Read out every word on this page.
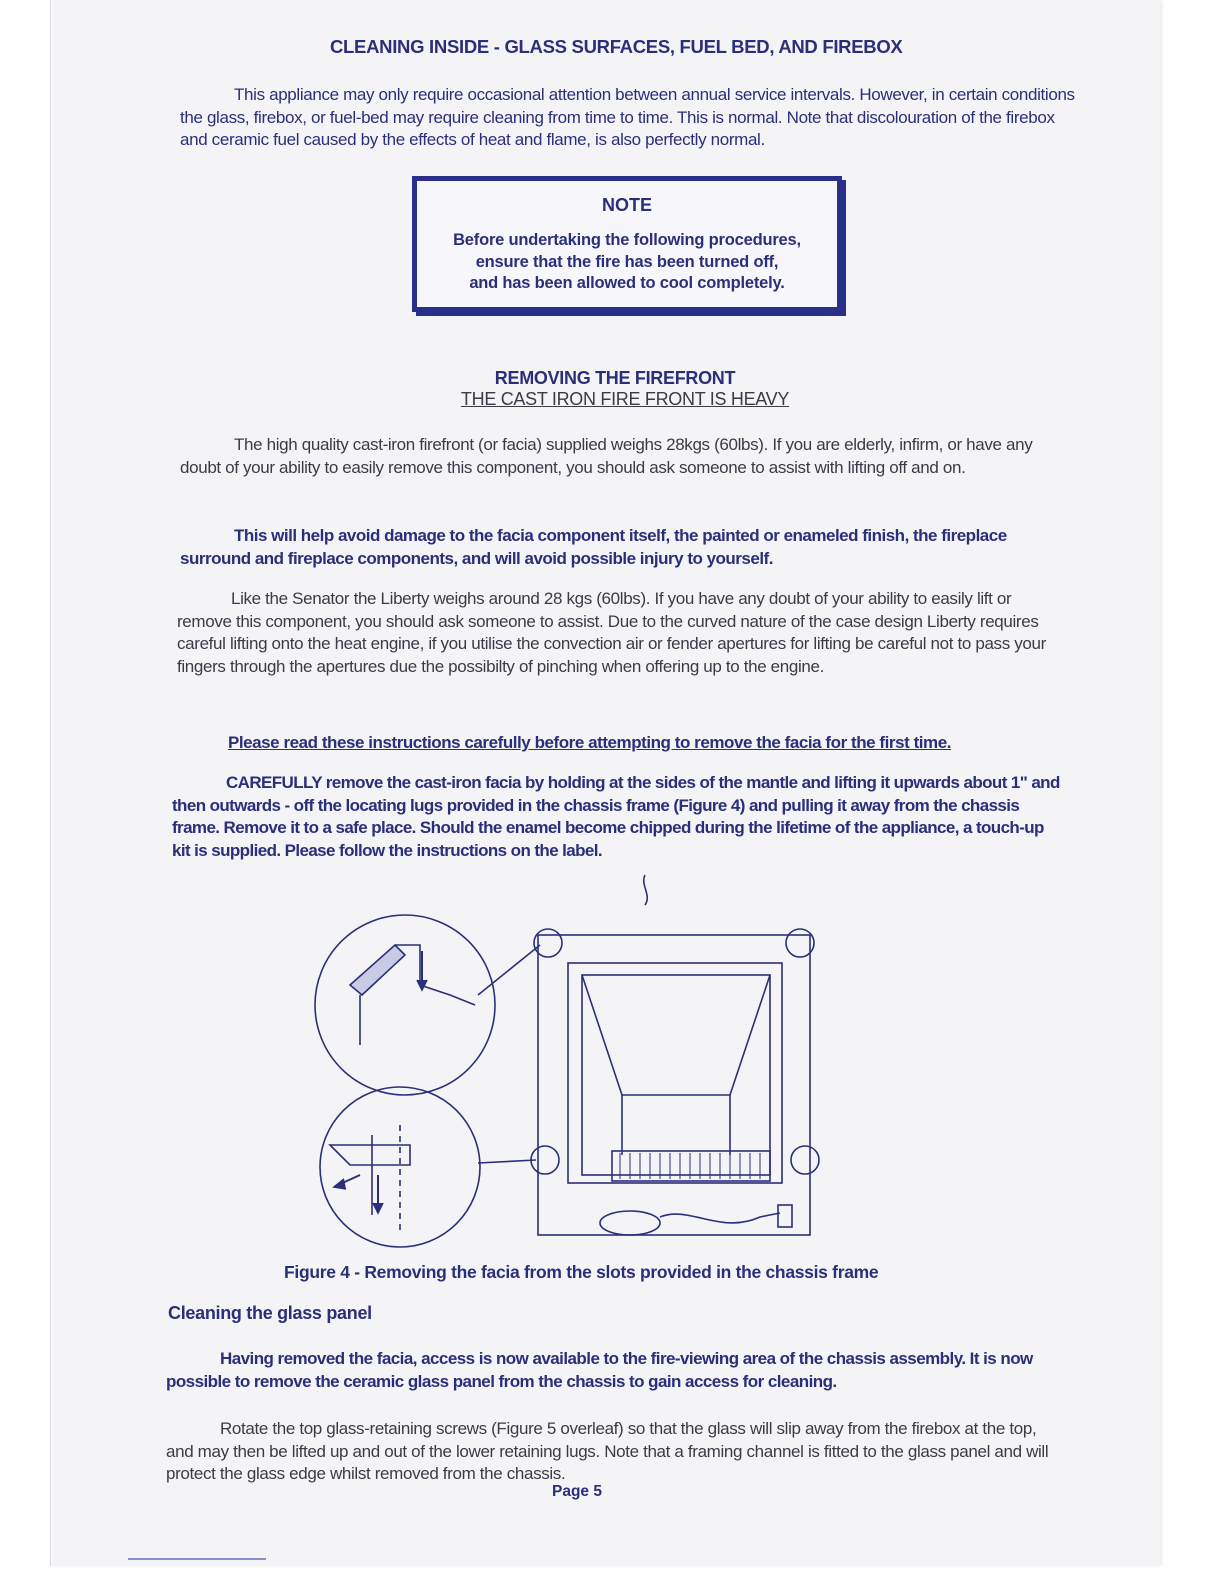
CLEANING INSIDE - GLASS SURFACES, FUEL BED, AND FIREBOX

This appliance may only require occasional attention between annual service intervals. However, in certain conditions the glass, firebox, or fuel-bed may require cleaning from time to time. This is normal. Note that discolouration of the firebox and ceramic fuel caused by the effects of heat and flame, is also perfectly normal.

NOTE
Before undertaking the following procedures,
ensure that the fire has been turned off,
and has been allowed to cool completely.
REMOVING THE FIREFRONT
THE CAST IRON FIRE FRONT IS HEAVY

The high quality cast-iron firefront (or facia) supplied weighs 28kgs (60lbs). If you are elderly, infirm, or have any doubt of your ability to easily remove this component, you should ask someone to assist with lifting off and on.

This will help avoid damage to the facia component itself, the painted or enameled finish, the fireplace surround and fireplace components, and will avoid possible injury to yourself.

Like the Senator the Liberty weighs around 28 kgs (60lbs). If you have any doubt of your ability to easily lift or remove this component, you should ask someone to assist. Due to the curved nature of the case design Liberty requires careful lifting onto the heat engine, if you utilise the convection air or fender apertures for lifting be careful not to pass your fingers through the apertures due the possibilty of pinching when offering up to the engine.

Please read these instructions carefully before attempting to remove the facia for the first time.

CAREFULLY remove the cast-iron facia by holding at the sides of the mantle and lifting it upwards about 1" and then outwards - off the locating lugs provided in the chassis frame (Figure 4) and pulling it away from the chassis frame. Remove it to a safe place. Should the enamel become chipped during the lifetime of the appliance, a touch-up kit is supplied. Please follow the instructions on the label.

Figure 4 - Removing the facia from the slots provided in the chassis frame
Cleaning the glass panel

Having removed the facia, access is now available to the fire-viewing area of the chassis assembly. It is now possible to remove the ceramic glass panel from the chassis to gain access for cleaning.

Rotate the top glass-retaining screws (Figure 5 overleaf) so that the glass will slip away from the firebox at the top, and may then be lifted up and out of the lower retaining lugs. Note that a framing channel is fitted to the glass panel and will protect the glass edge whilst removed from the chassis.

Page 5
